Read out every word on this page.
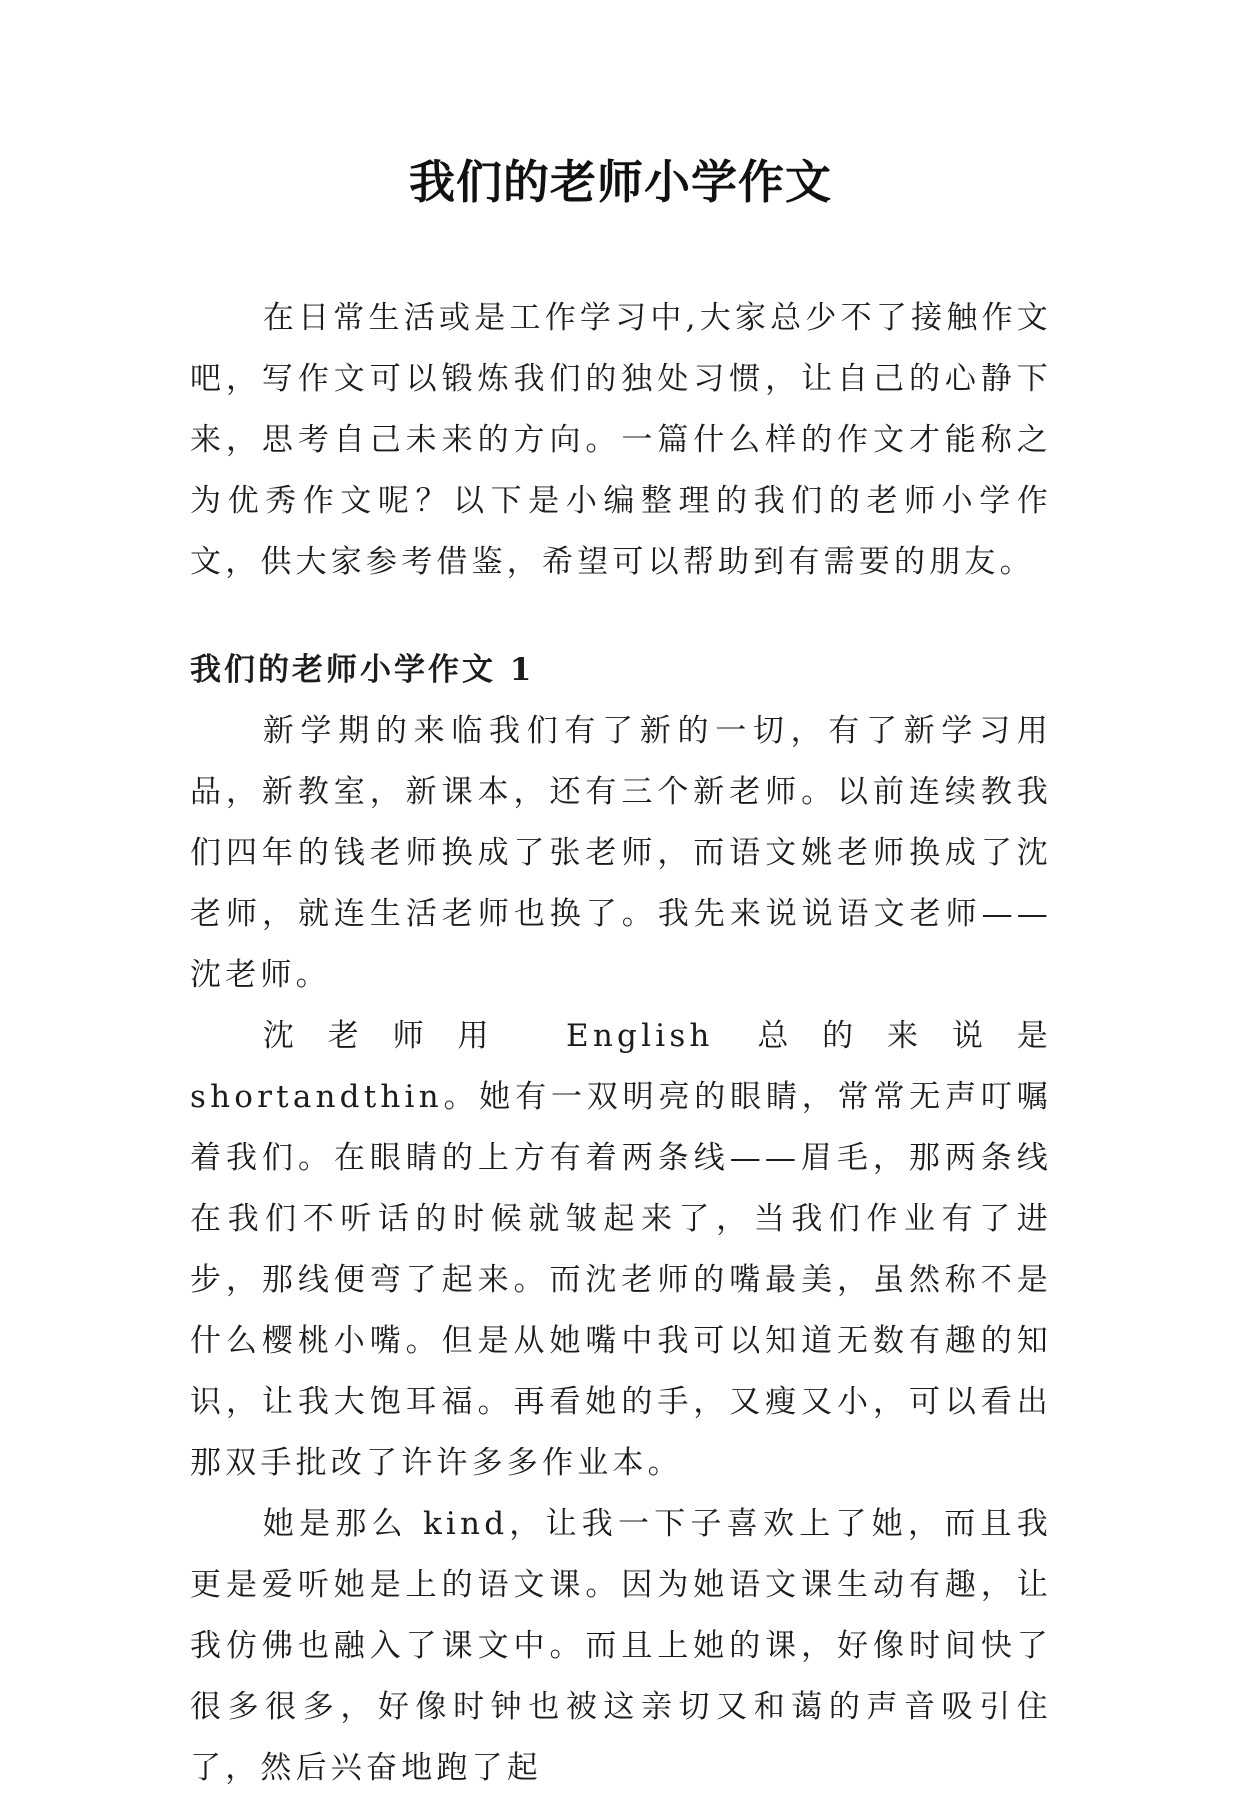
我们的老师小学作文

在日常生活或是工作学习中,大家总少不了接触作文吧，写作文可以锻炼我们的独处习惯，让自己的心静下来，思考自己未来的方向。一篇什么样的作文才能称之为优秀作文呢？以下是小编整理的我们的老师小学作文，供大家参考借鉴，希望可以帮助到有需要的朋友。

我们的老师小学作文 1

新学期的来临我们有了新的一切，有了新学习用品，新教室，新课本，还有三个新老师。以前连续教我们四年的钱老师换成了张老师，而语文姚老师换成了沈老师，就连生活老师也换了。我先来说说语文老师——沈老师。

沈老师用 English 总的来说是 shortandthin。她有一双明亮的眼睛，常常无声叮嘱着我们。在眼睛的上方有着两条线——眉毛，那两条线在我们不听话的时候就皱起来了，当我们作业有了进步，那线便弯了起来。而沈老师的嘴最美，虽然称不是什么樱桃小嘴。但是从她嘴中我可以知道无数有趣的知识，让我大饱耳福。再看她的手，又瘦又小，可以看出那双手批改了许许多多作业本。

她是那么 kind，让我一下子喜欢上了她，而且我更是爱听她是上的语文课。因为她语文课生动有趣，让我仿佛也融入了课文中。而且上她的课，好像时间快了很多很多，好像时钟也被这亲切又和蔼的声音吸引住了，然后兴奋地跑了起
